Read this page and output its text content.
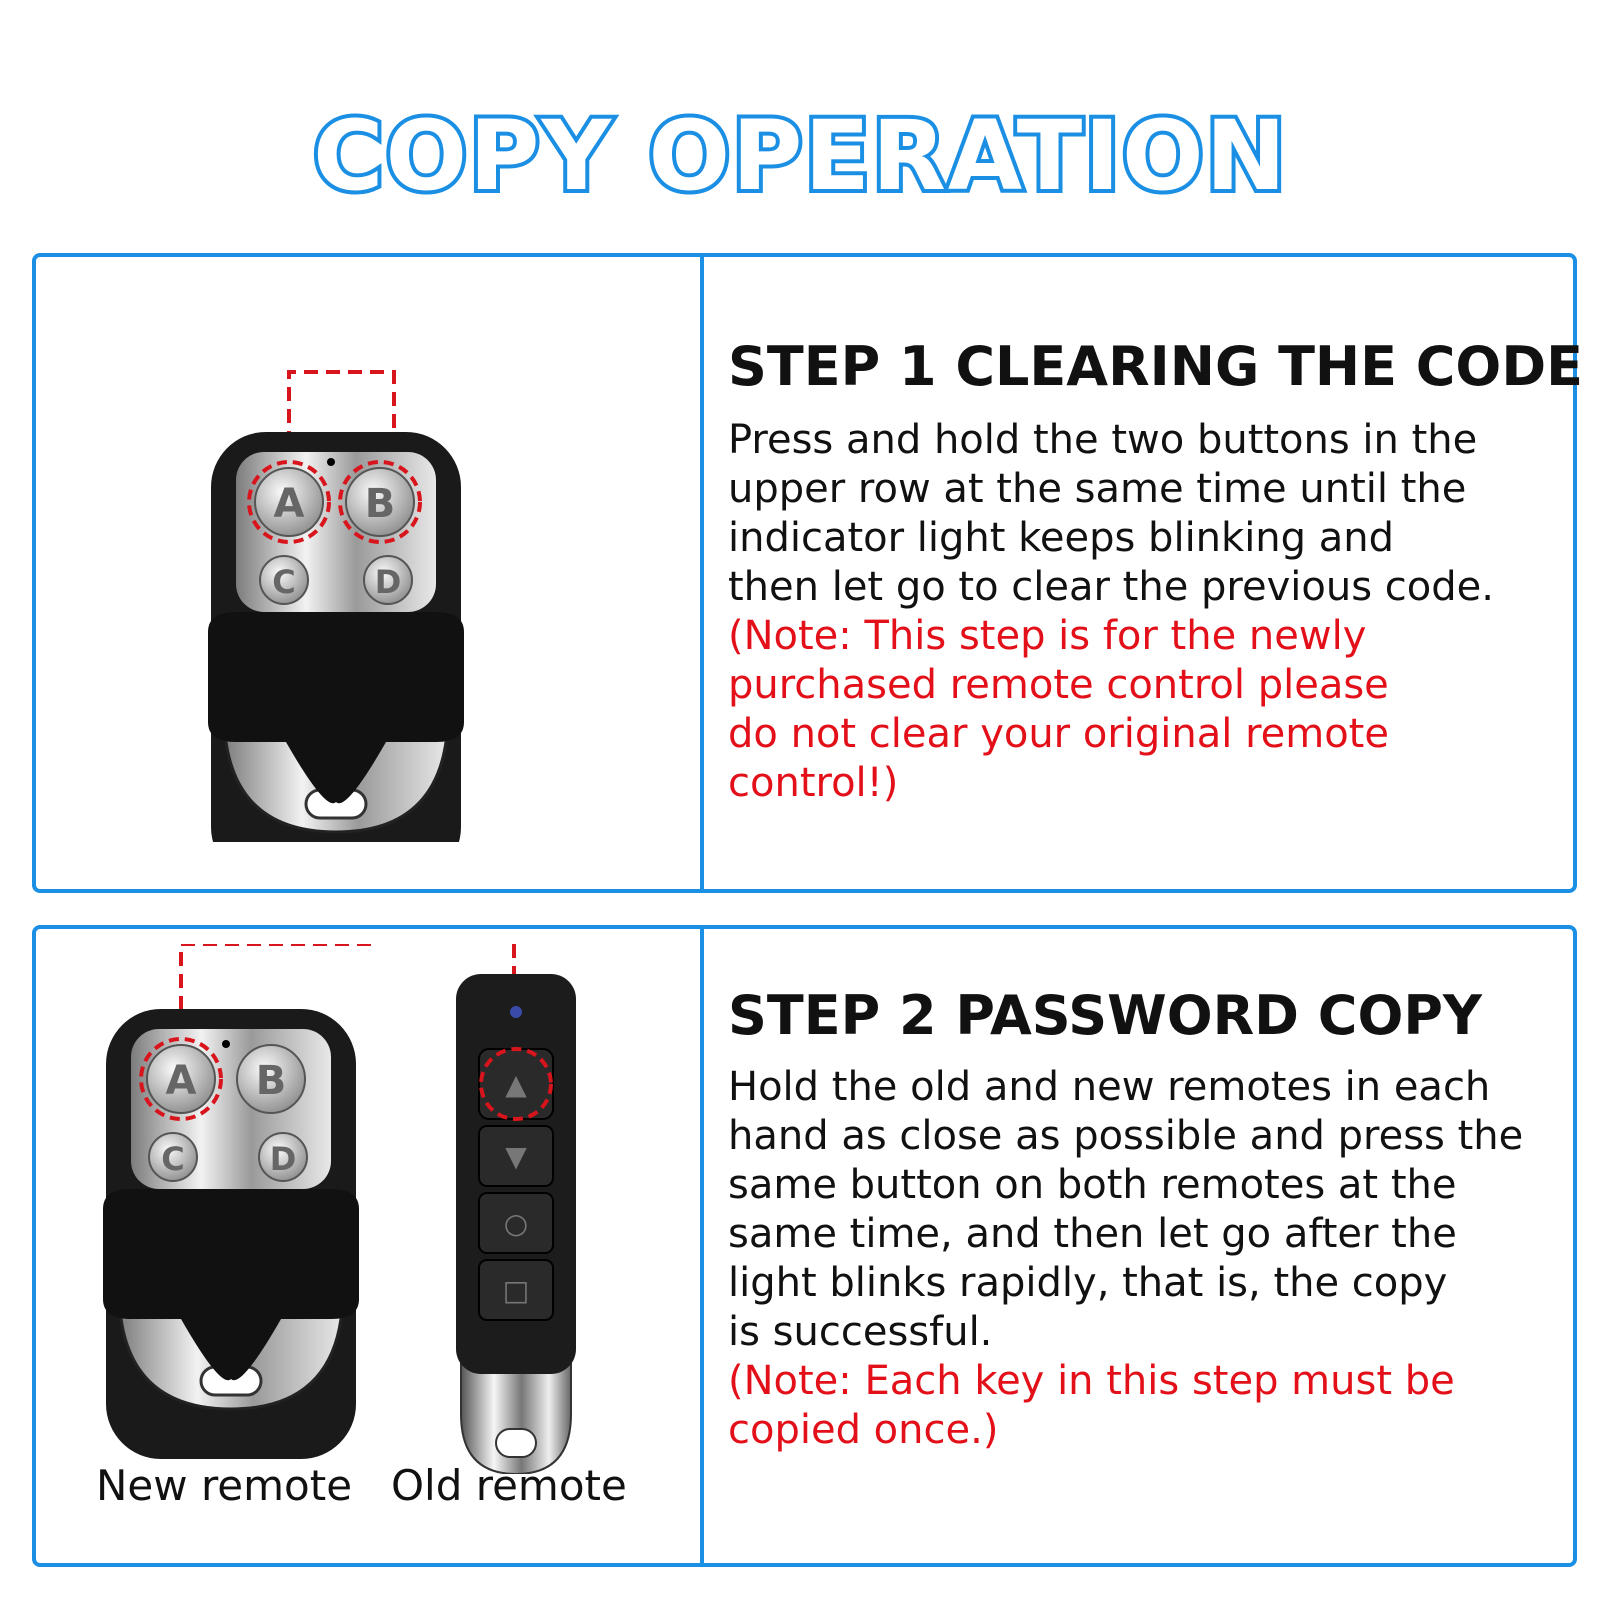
COPY OPERATION
A B
C D
STEP 1 CLEARING THE CODE
Press and hold the two buttons in the
upper row at the same time until the
indicator light keeps blinking and
then let go to clear the previous code.
(Note: This step is for the newly
purchased remote control please
do not clear your original remote
control!)
A B
C	D
▲
▼
○
□
New remote Old remote
STEP 2 PASSWORD COPY
Hold the old and new remotes in each
hand as close as possible and press the
same button on both remotes at the
same time, and then let go after the
light blinks rapidly, that is, the copy
is successful.
(Note: Each key in this step must be
copied once.)
